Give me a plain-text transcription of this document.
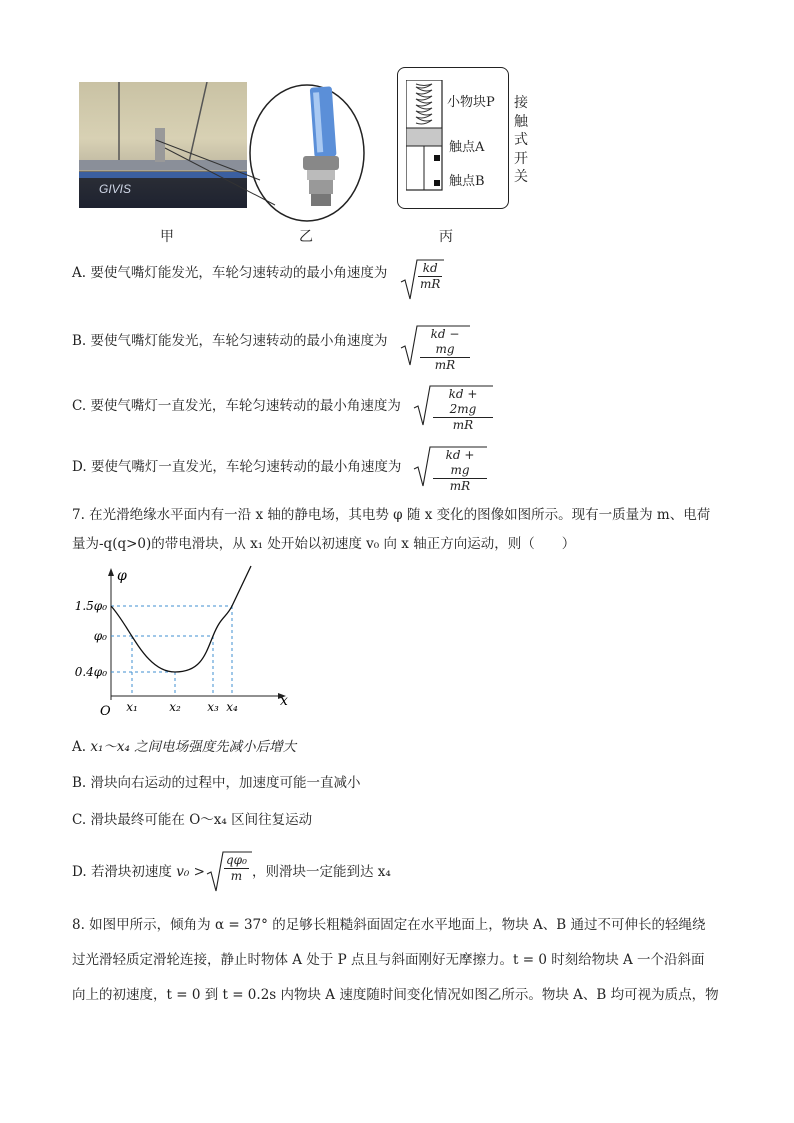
GIVIS
小物块P
触点A
触点B
接
触
式
开
关
甲	乙	丙
A. 要使气嘴灯能发光，车轮匀速转动的最小角速度为	$\frac{kd}{mR}$
B. 要使气嘴灯能发光，车轮匀速转动的最小角速度为	$\frac{kd - mg}{mR}$
C. 要使气嘴灯一直发光，车轮匀速转动的最小角速度为	$\frac{kd + 2mg}{mR}$
D. 要使气嘴灯一直发光，车轮匀速转动的最小角速度为	$\frac{kd + mg}{mR}$
7. 在光滑绝缘水平面内有一沿 x 轴的静电场，其电势 φ 随 x 变化的图像如图所示。现有一质量为 m、电荷
量为-q(q>0)的带电滑块，从 x₁ 处开始以初速度 v₀ 向 x 轴正方向运动，则（　　）
φ
x
O
1.5φ₀
φ₀
0.4φ₀
x₁	x₂ x₃ x₄
A. x₁～x₄ 之间电场强度先减小后增大
B. 滑块向右运动的过程中，加速度可能一直减小
C. 滑块最终可能在 O～x₄ 区间往复运动
D. 若滑块初速度 $v_0 > \frac{\text{qφ₀}}{m}$ ，则滑块一定能到达 x₄
8. 如图甲所示，倾角为 α = 37° 的足够长粗糙斜面固定在水平地面上，物块 A、B 通过不可伸长的轻绳绕
过光滑轻质定滑轮连接，静止时物体 A 处于 P 点且与斜面刚好无摩擦力。t = 0 时刻给物块 A 一个沿斜面
向上的初速度，t = 0 到 t = 0.2s 内物块 A 速度随时间变化情况如图乙所示。物块 A、B 均可视为质点，物
